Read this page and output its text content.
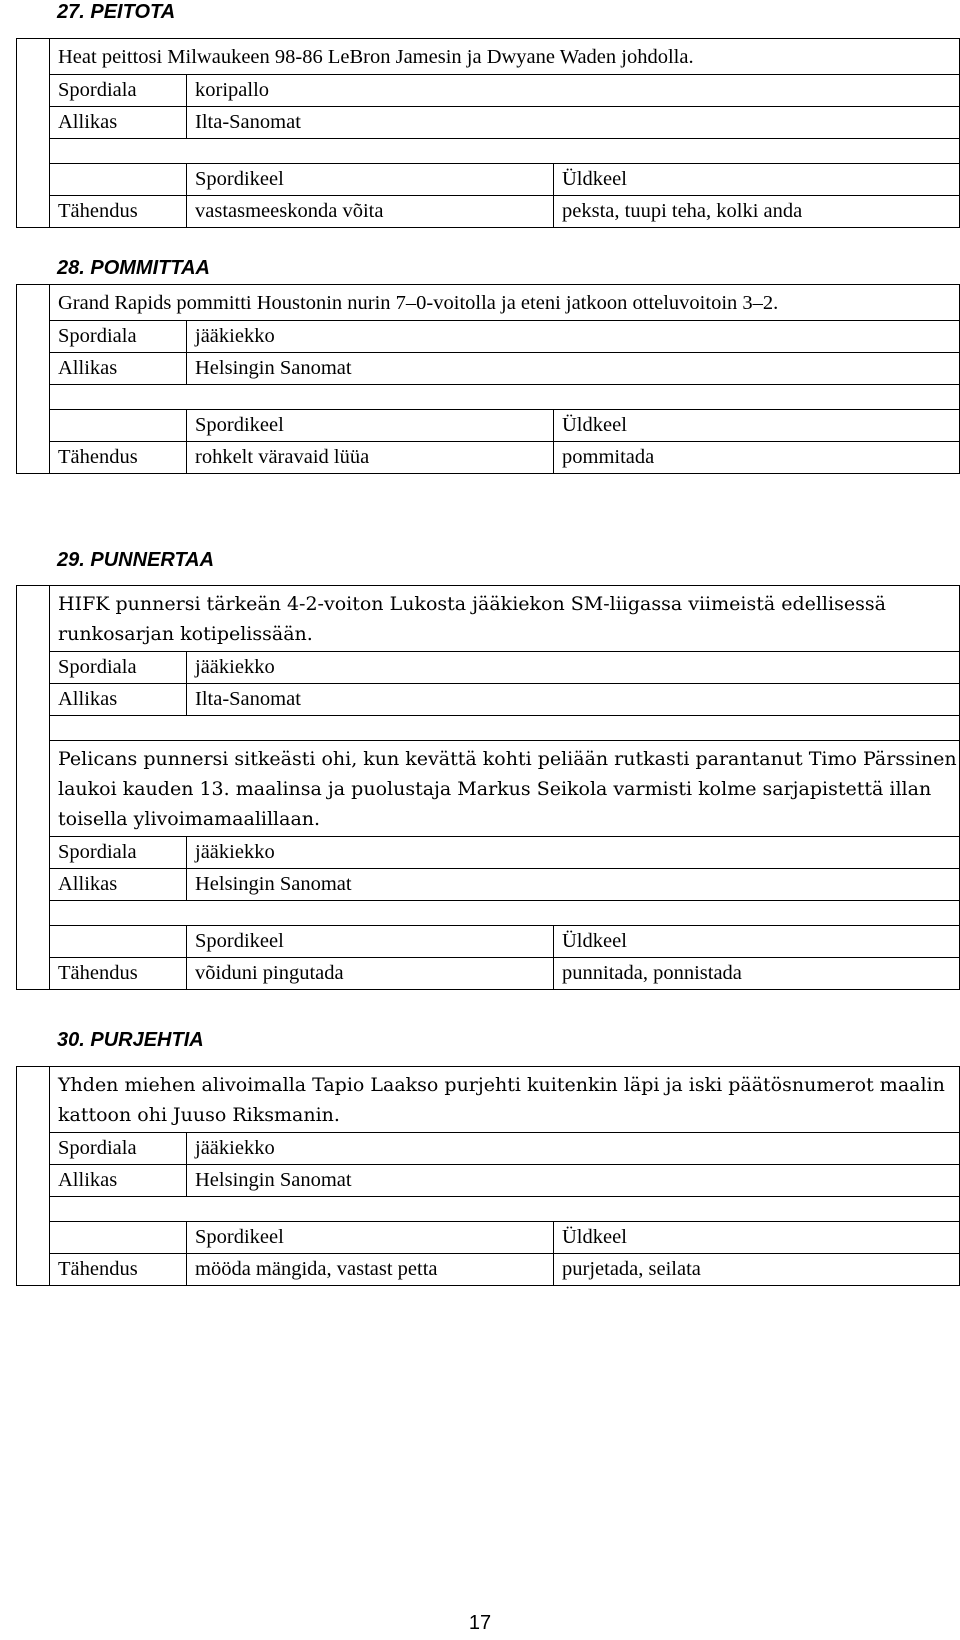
27. PEITOTA
	Heat peittosi Milwaukeen 98-86 LeBron Jamesin ja Dwyane Waden johdolla.		
	Spordiala	koripallo	
	Allikas	Ilta-Sanomat	

		Spordikeel	Üldkeel
	Tähendus	vastasmeeskonda võita	peksta, tuupi teha, kolki anda
28. POMMITTAA
	Grand Rapids pommitti Houstonin nurin 7–0-voitolla ja eteni jatkoon otteluvoitoin 3–2.		
	Spordiala	jääkiekko	
	Allikas	Helsingin Sanomat	

		Spordikeel	Üldkeel
	Tähendus	rohkelt väravaid lüüa	pommitada
29. PUNNERTAA
	HIFK punnersi tärkeän 4-2-voiton Lukosta jääkiekon SM-liigassa viimeistä edellisessä runkosarjan kotipelissään.		
	Spordiala	jääkiekko	
	Allikas	Ilta-Sanomat	

	Pelicans punnersi sitkeästi ohi, kun kevättä kohti peliään rutkasti parantanut Timo Pärssinen laukoi kauden 13. maalinsa ja puolustaja Markus Seikola varmisti kolme sarjapistettä illan toisella ylivoimamaalillaan.		
	Spordiala	jääkiekko	
	Allikas	Helsingin Sanomat	

		Spordikeel	Üldkeel
	Tähendus	võiduni pingutada	punnitada, ponnistada
30. PURJEHTIA
	Yhden miehen alivoimalla Tapio Laakso purjehti kuitenkin läpi ja iski päätösnumerot maalin kattoon ohi Juuso Riksmanin.		
	Spordiala	jääkiekko	
	Allikas	Helsingin Sanomat	

		Spordikeel	Üldkeel
	Tähendus	mööda mängida, vastast petta	purjetada, seilata
17
